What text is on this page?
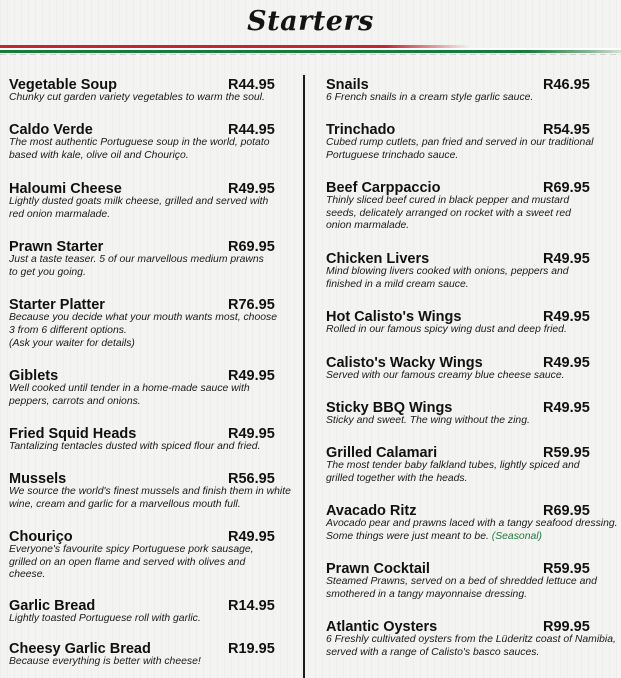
Starters
Vegetable Soup	R44.95
Chunky cut garden variety vegetables to warm the soul.
Caldo Verde	R44.95
The most authentic Portuguese soup in the world, potato based with kale, olive oil and Chouriço.
Haloumi Cheese	R49.95
Lightly dusted goats milk cheese, grilled and served with red onion marmalade.
Prawn Starter	R69.95
Just a taste teaser. 5 of our marvellous medium prawns to get you going.
Starter Platter	R76.95
Because you decide what your mouth wants most, choose 3 from 6 different options.
(Ask your waiter for details)
Giblets	R49.95
Well cooked until tender in a home-made sauce with peppers, carrots and onions.
Fried Squid Heads	R49.95
Tantalizing tentacles dusted with spiced flour and fried.
Mussels	R56.95
We source the world's finest mussels and finish them in white wine, cream and garlic for a marvellous mouth full.
Chouriço	R49.95
Everyone's favourite spicy Portuguese pork sausage, grilled on an open flame and served with olives and cheese.
Garlic Bread	R14.95
Lightly toasted Portuguese roll with garlic.
Cheesy Garlic Bread	R19.95
Because everything is better with cheese!
Snails	R46.95
6 French snails in a cream style garlic sauce.
Trinchado	R54.95
Cubed rump cutlets, pan fried and served in our traditional Portuguese trinchado sauce.
Beef Carppaccio	R69.95
Thinly sliced beef cured in black pepper and mustard seeds, delicately arranged on rocket with a sweet red onion marmalade.
Chicken Livers	R49.95
Mind blowing livers cooked with onions, peppers and finished in a mild cream sauce.
Hot Calisto's Wings	R49.95
Rolled in our famous spicy wing dust and deep fried.
Calisto's Wacky Wings	R49.95
Served with our famous creamy blue cheese sauce.
Sticky BBQ Wings	R49.95
Sticky and sweet. The wing without the zing.
Grilled Calamari	R59.95
The most tender baby falkland tubes, lightly spiced and grilled together with the heads.
Avacado Ritz	R69.95
Avocado pear and prawns laced with a tangy seafood dressing. Some things were just meant to be. (Seasonal)
Prawn Cocktail	R59.95
Steamed Prawns, served on a bed of shredded lettuce and smothered in a tangy mayonnaise dressing.
Atlantic Oysters	R99.95
6 Freshly cultivated oysters from the Lüderitz coast of Namibia, served with a range of Calisto's basco sauces.
